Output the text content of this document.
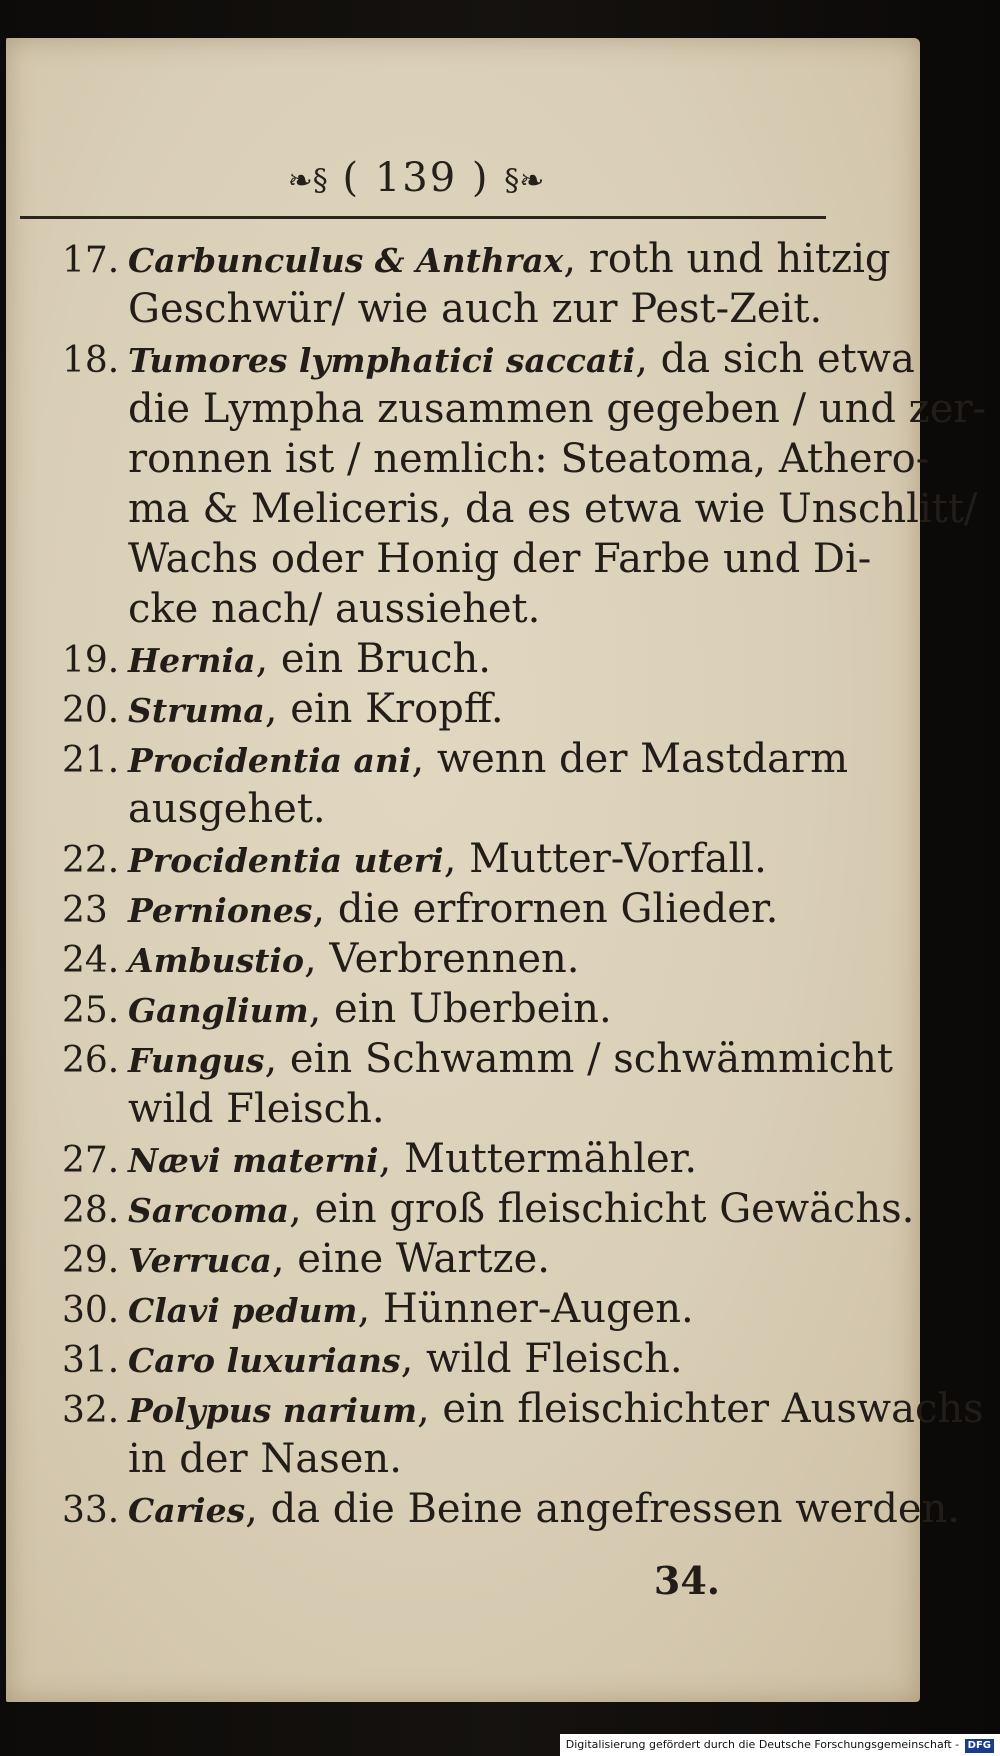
❧§ ( 139 ) §❧
17. Carbunculus & Anthrax, roth und hitzig
Geschwür/ wie auch zur Pest-Zeit.
18. Tumores lymphatici saccati, da sich etwa
die Lympha zusammen gegeben / und zer-
ronnen ist / nemlich: Steatoma, Athero-
ma & Meliceris, da es etwa wie Unschlitt/
Wachs oder Honig der Farbe und Di-
cke nach/ aussiehet.
19. Hernia, ein Bruch.
20. Struma, ein Kropff.
21. Procidentia ani, wenn der Mastdarm
ausgehet.
22. Procidentia uteri, Mutter-Vorfall.
23 Perniones, die erfrornen Glieder.
24. Ambustio, Verbrennen.
25. Ganglium, ein Uberbein.
26. Fungus, ein Schwamm / schwämmicht
wild Fleisch.
27. Nævi materni, Muttermähler.
28. Sarcoma, ein groß fleischicht Gewächs.
29. Verruca, eine Wartze.
30. Clavi pedum, Hünner-Augen.
31. Caro luxurians, wild Fleisch.
32. Polypus narium, ein fleischichter Auswachs
in der Nasen.
33. Caries, da die Beine angefressen werden.
34.
Digitalisierung gefördert durch die Deutsche Forschungsgemeinschaft - DFG
